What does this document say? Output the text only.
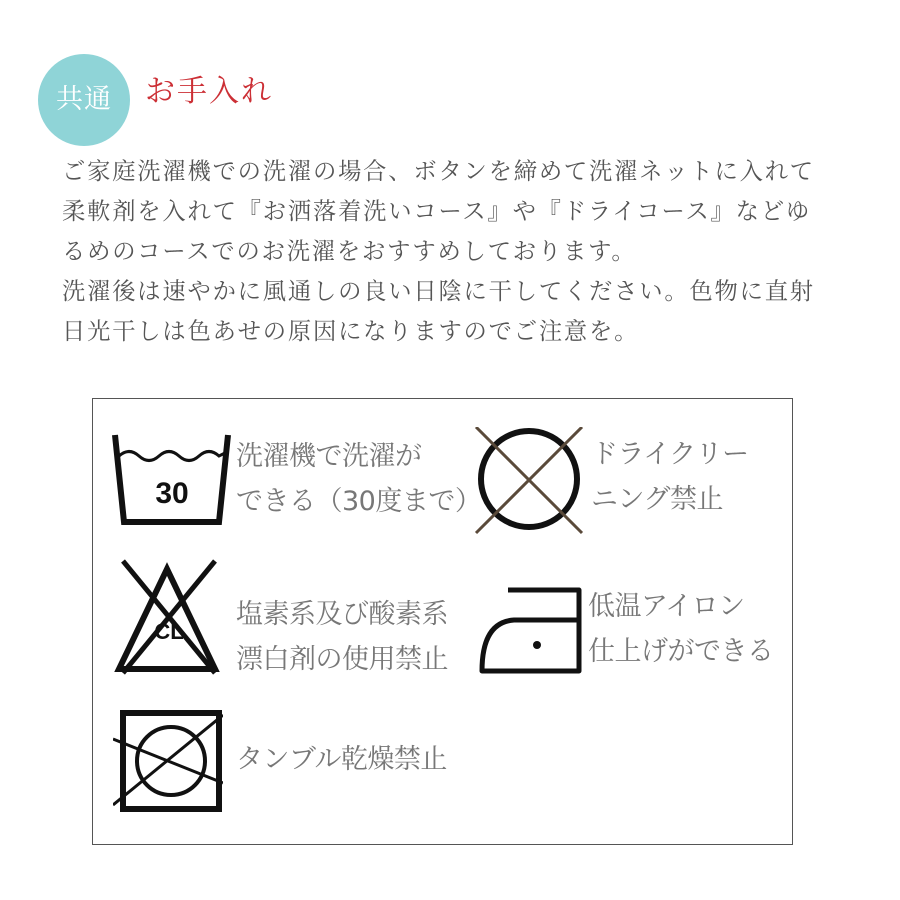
共通	お手入れ

ご家庭洗濯機での洗濯の場合、ボタンを締めて洗濯ネットに入れて

柔軟剤を入れて『お洒落着洗いコース』や『ドライコース』などゆ

るめのコースでのお洗濯をおすすめしております。

洗濯後は速やかに風通しの良い日陰に干してください。色物に直射

日光干しは色あせの原因になりますのでご注意を。

30
洗濯機で洗濯が
できる（30度まで）
ドライクリー
ニング禁止
CL
塩素系及び酸素系
漂白剤の使用禁止
低温アイロン
仕上げができる
タンブル乾燥禁止
